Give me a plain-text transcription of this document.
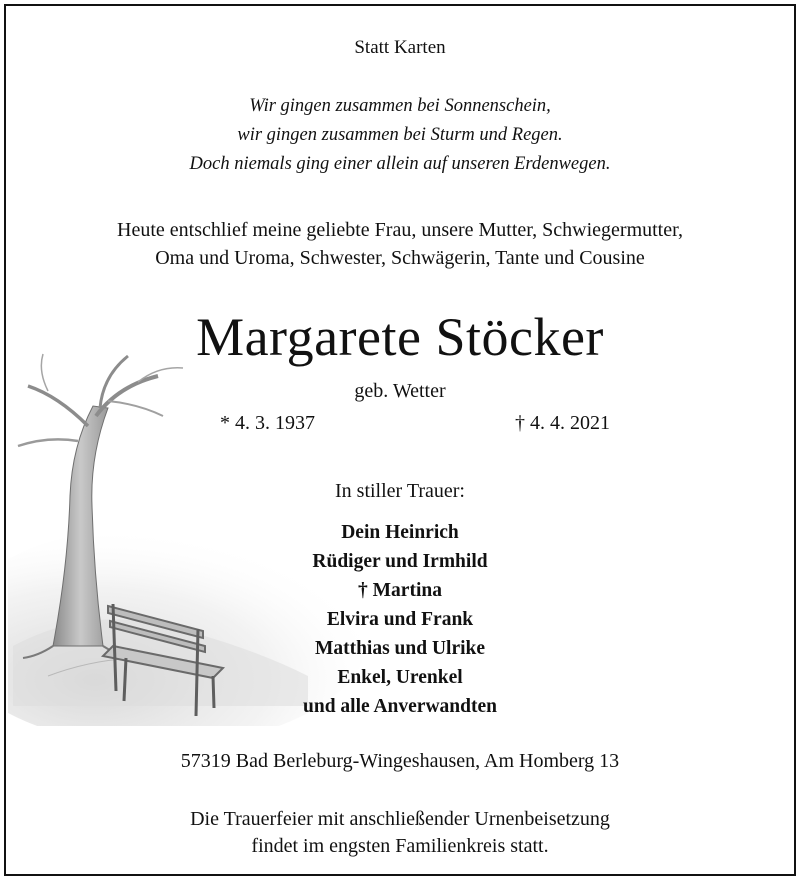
Statt Karten
Wir gingen zusammen bei Sonnenschein,
wir gingen zusammen bei Sturm und Regen.
Doch niemals ging einer allein auf unseren Erdenwegen.
Heute entschlief meine geliebte Frau, unsere Mutter, Schwiegermutter,
Oma und Uroma, Schwester, Schwägerin, Tante und Cousine
Margarete Stöcker
geb. Wetter
* 4. 3. 1937	† 4. 4. 2021
In stiller Trauer:
Dein Heinrich
Rüdiger und Irmhild
† Martina
Elvira und Frank
Matthias und Ulrike
Enkel, Urenkel
und alle Anverwandten
57319 Bad Berleburg-Wingeshausen, Am Homberg 13
Die Trauerfeier mit anschließender Urnenbeisetzung
findet im engsten Familienkreis statt.
